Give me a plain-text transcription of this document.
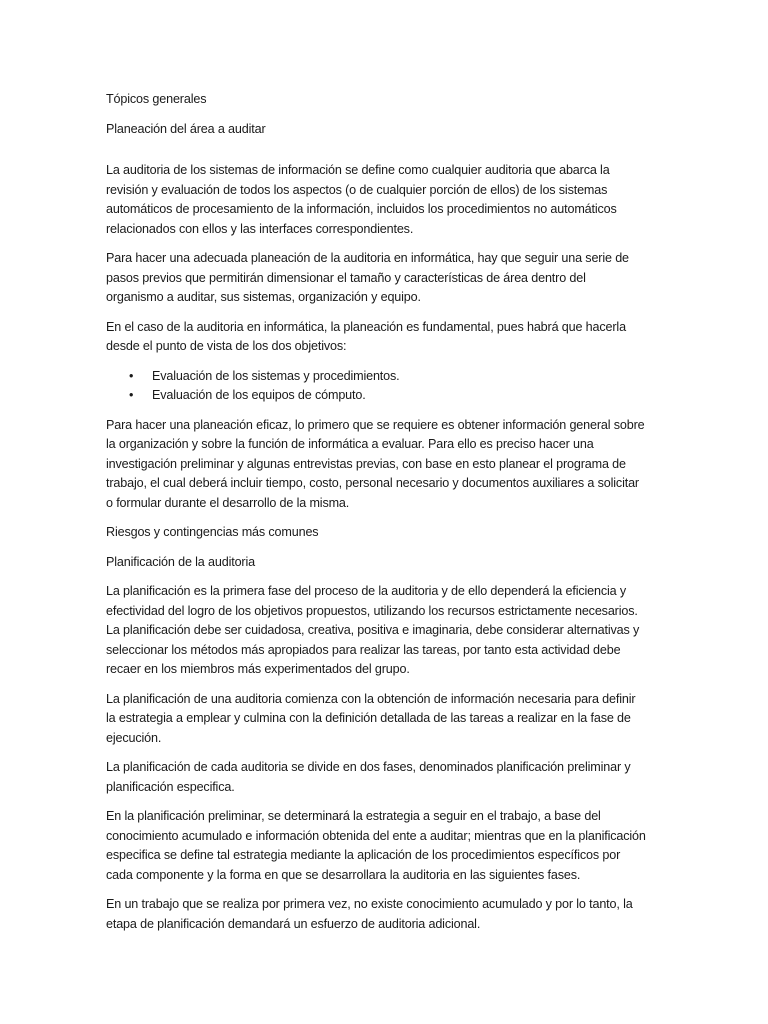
Tópicos generales

Planeación del área a auditar

La auditoria de los sistemas de información se define como cualquier auditoria que abarca la revisión y evaluación de todos los aspectos (o de cualquier porción de ellos) de los sistemas automáticos de procesamiento de la información, incluidos los procedimientos no automáticos relacionados con ellos y las interfaces correspondientes.

Para hacer una adecuada planeación de la auditoria en informática, hay que seguir una serie de pasos previos que permitirán dimensionar el tamaño y características de área dentro del organismo a auditar, sus sistemas, organización y equipo.

En el caso de la auditoria en informática, la planeación es fundamental, pues habrá que hacerla desde el punto de vista de los dos objetivos:

• Evaluación de los sistemas y procedimientos.
• Evaluación de los equipos de cómputo.

Para hacer una planeación eficaz, lo primero que se requiere es obtener información general sobre la organización y sobre la función de informática a evaluar. Para ello es preciso hacer una investigación preliminar y algunas entrevistas previas, con base en esto planear el programa de trabajo, el cual deberá incluir tiempo, costo, personal necesario y documentos auxiliares a solicitar o formular durante el desarrollo de la misma.

Riesgos y contingencias más comunes

Planificación de la auditoria

La planificación es la primera fase del proceso de la auditoria y de ello dependerá la eficiencia y efectividad del logro de los objetivos propuestos, utilizando los recursos estrictamente necesarios. La planificación debe ser cuidadosa, creativa, positiva e imaginaria, debe considerar alternativas y seleccionar los métodos más apropiados para realizar las tareas, por tanto esta actividad debe recaer en los miembros más experimentados del grupo.

La planificación de una auditoria comienza con la obtención de información necesaria para definir la estrategia a emplear y culmina con la definición detallada de las tareas a realizar en la fase de ejecución.

La planificación de cada auditoria se divide en dos fases, denominados planificación preliminar y planificación especifica.

En la planificación preliminar, se determinará la estrategia a seguir en el trabajo, a base del conocimiento acumulado e información obtenida del ente a auditar; mientras que en la planificación especifica se define tal estrategia mediante la aplicación de los procedimientos específicos por cada componente y la forma en que se desarrollara la auditoria en las siguientes fases.

En un trabajo que se realiza por primera vez, no existe conocimiento acumulado y por lo tanto, la etapa de planificación demandará un esfuerzo de auditoria adicional.
